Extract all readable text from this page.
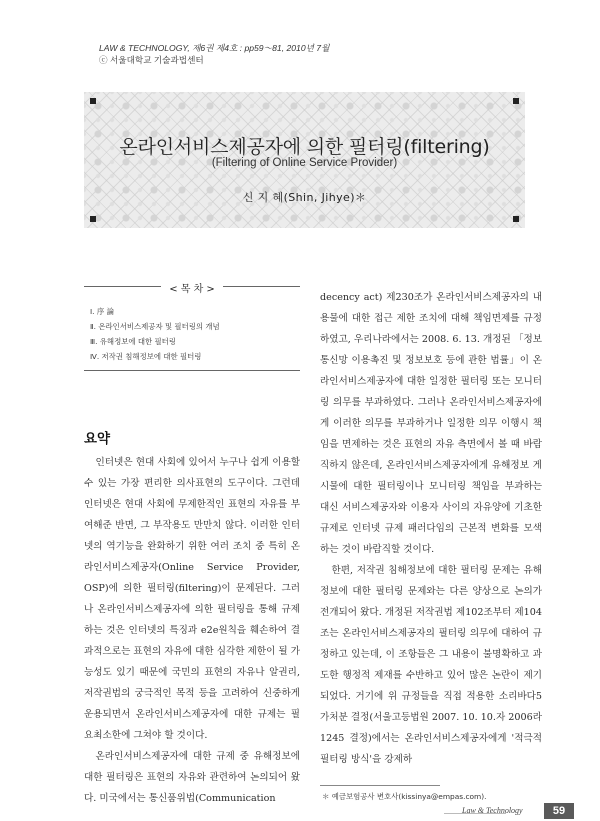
LAW & TECHNOLOGY, 제6권 제4호 : pp59～81, 2010년 7월
ⓒ 서울대학교 기술과법센터
온라인서비스제공자에 의한 필터링(filtering)
(Filtering of Online Service Provider)
신 지 혜(Shin, Jihye)＊
< 목 차 >
Ⅰ. 序 論
Ⅱ. 온라인서비스제공자 및 필터링의 개념
Ⅲ. 유해정보에 대한 필터링
Ⅳ. 저작권 침해정보에 대한 필터링
요약

인터넷은 현대 사회에 있어서 누구나 쉽게 이용할 수 있는 가장 편리한 의사표현의 도구이다. 그런데 인터넷은 현대 사회에 무제한적인 표현의 자유를 부여해준 반면, 그 부작용도 만만치 않다. 이러한 인터넷의 역기능을 완화하기 위한 여러 조치 중 특히 온라인서비스제공자(Online Service Provider, OSP)에 의한 필터링(filtering)이 문제된다. 그러나 온라인서비스제공자에 의한 필터링을 통해 규제하는 것은 인터넷의 특징과 e2e원칙을 훼손하여 결과적으로는 표현의 자유에 대한 심각한 제한이 될 가능성도 있기 때문에 국민의 표현의 자유나 알권리, 저작권법의 궁극적인 목적 등을 고려하여 신중하게 운용되면서 온라인서비스제공자에 대한 규제는 필요최소한에 그쳐야 할 것이다.

온라인서비스제공자에 대한 규제 중 유해정보에 대한 필터링은 표현의 자유와 관련하여 논의되어 왔다. 미국에서는 통신품위법(Communication

decency act) 제230조가 온라인서비스제공자의 내용물에 대한 접근 제한 조치에 대해 책임면제를 규정하였고, 우리나라에서는 2008. 6. 13. 개정된 「정보통신망 이용촉진 및 정보보호 등에 관한 법률」이 온라인서비스제공자에 대한 일정한 필터링 또는 모니터링 의무를 부과하였다. 그러나 온라인서비스제공자에게 이러한 의무를 부과하거나 일정한 의무 이행시 책임을 면제하는 것은 표현의 자유 측면에서 볼 때 바람직하지 않은데, 온라인서비스제공자에게 유해정보 게시물에 대한 필터링이나 모니터링 책임을 부과하는 대신 서비스제공자와 이용자 사이의 자유양에 기초한 규제로 인터넷 규제 패러다임의 근본적 변화를 모색하는 것이 바람직할 것이다.

한편, 저작권 침해정보에 대한 필터링 문제는 유해정보에 대한 필터링 문제와는 다른 양상으로 논의가 전개되어 왔다. 개정된 저작권법 제102조부터 제104조는 온라인서비스제공자의 필터링 의무에 대하여 규정하고 있는데, 이 조항들은 그 내용이 불명확하고 과도한 행정적 제재를 수반하고 있어 많은 논란이 제기되었다. 거기에 위 규정들을 직접 적용한 소리바다5 가처분 결정(서울고등법원 2007. 10. 10.자 2006라1245 결정)에서는 온라인서비스제공자에게 '적극적 필터링 방식'을 강제하

＊ 예금보험공사 변호사(kissinya@empas.com).
Law & Technology	59
